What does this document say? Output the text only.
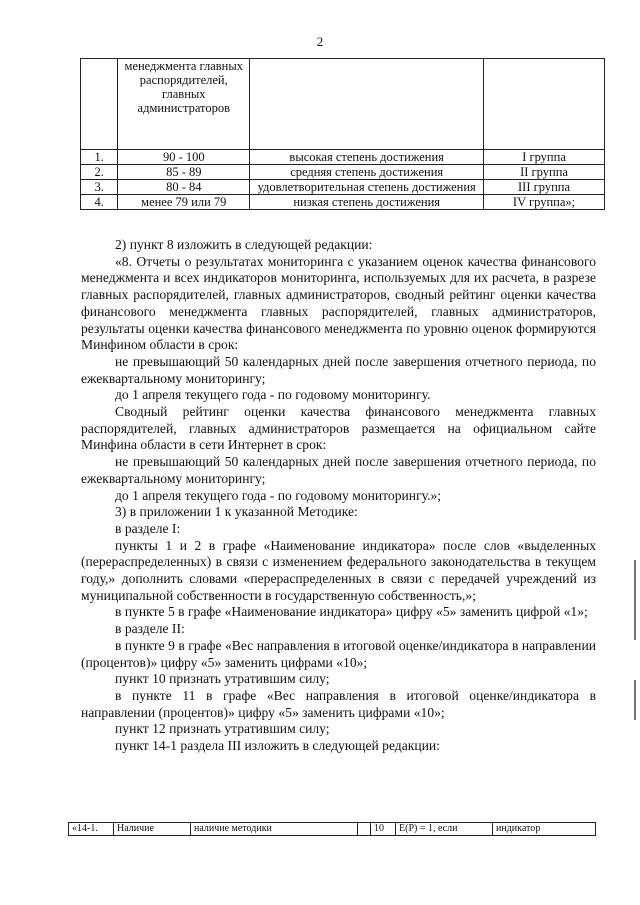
2
	менеджмента главных распорядителей, главных администраторов		
1.	90 - 100	высокая степень достижения	I группа
2.	85 - 89	средняя степень достижения	II группа
3.	80 - 84	удовлетворительная степень достижения	III группа
4.	менее 79 или 79	низкая степень достижения	IV группа»;

2) пункт 8 изложить в следующей редакции:

«8. Отчеты о результатах мониторинга с указанием оценок качества финансового менеджмента и всех индикаторов мониторинга, используемых для их расчета, в разрезе главных распорядителей, главных администраторов, сводный рейтинг оценки качества финансового менеджмента главных распорядителей, главных администраторов, результаты оценки качества финансового менеджмента по уровню оценок формируются Минфином области в срок:

не превышающий 50 календарных дней после завершения отчетного периода, по ежеквартальному мониторингу;

до 1 апреля текущего года - по годовому мониторингу.

Сводный рейтинг оценки качества финансового менеджмента главных распорядителей, главных администраторов размещается на официальном сайте Минфина области в сети Интернет в срок:

не превышающий 50 календарных дней после завершения отчетного периода, по ежеквартальному мониторингу;

до 1 апреля текущего года - по годовому мониторингу.»;

3) в приложении 1 к указанной Методике:

в разделе I:

пункты 1 и 2 в графе «Наименование индикатора» после слов «выделенных (перераспределенных) в связи с изменением федерального законодательства в текущем году,» дополнить словами «перераспределенных в связи с передачей учреждений из муниципальной собственности в государственную собственность,»;

в пункте 5 в графе «Наименование индикатора» цифру «5» заменить цифрой «1»;

в разделе II:

в пункте 9 в графе «Вес направления в итоговой оценке/индикатора в направлении (процентов)» цифру «5» заменить цифрами «10»;

пункт 10 признать утратившим силу;

в пункте 11 в графе «Вес направления в итоговой оценке/индикатора в направлении (процентов)» цифру «5» заменить цифрами «10»;

пункт 12 признать утратившим силу;

пункт 14-1 раздела III изложить в следующей редакции:

«14-1.	Наличие	наличие методики		10	E(P) = 1, если	индикатор
